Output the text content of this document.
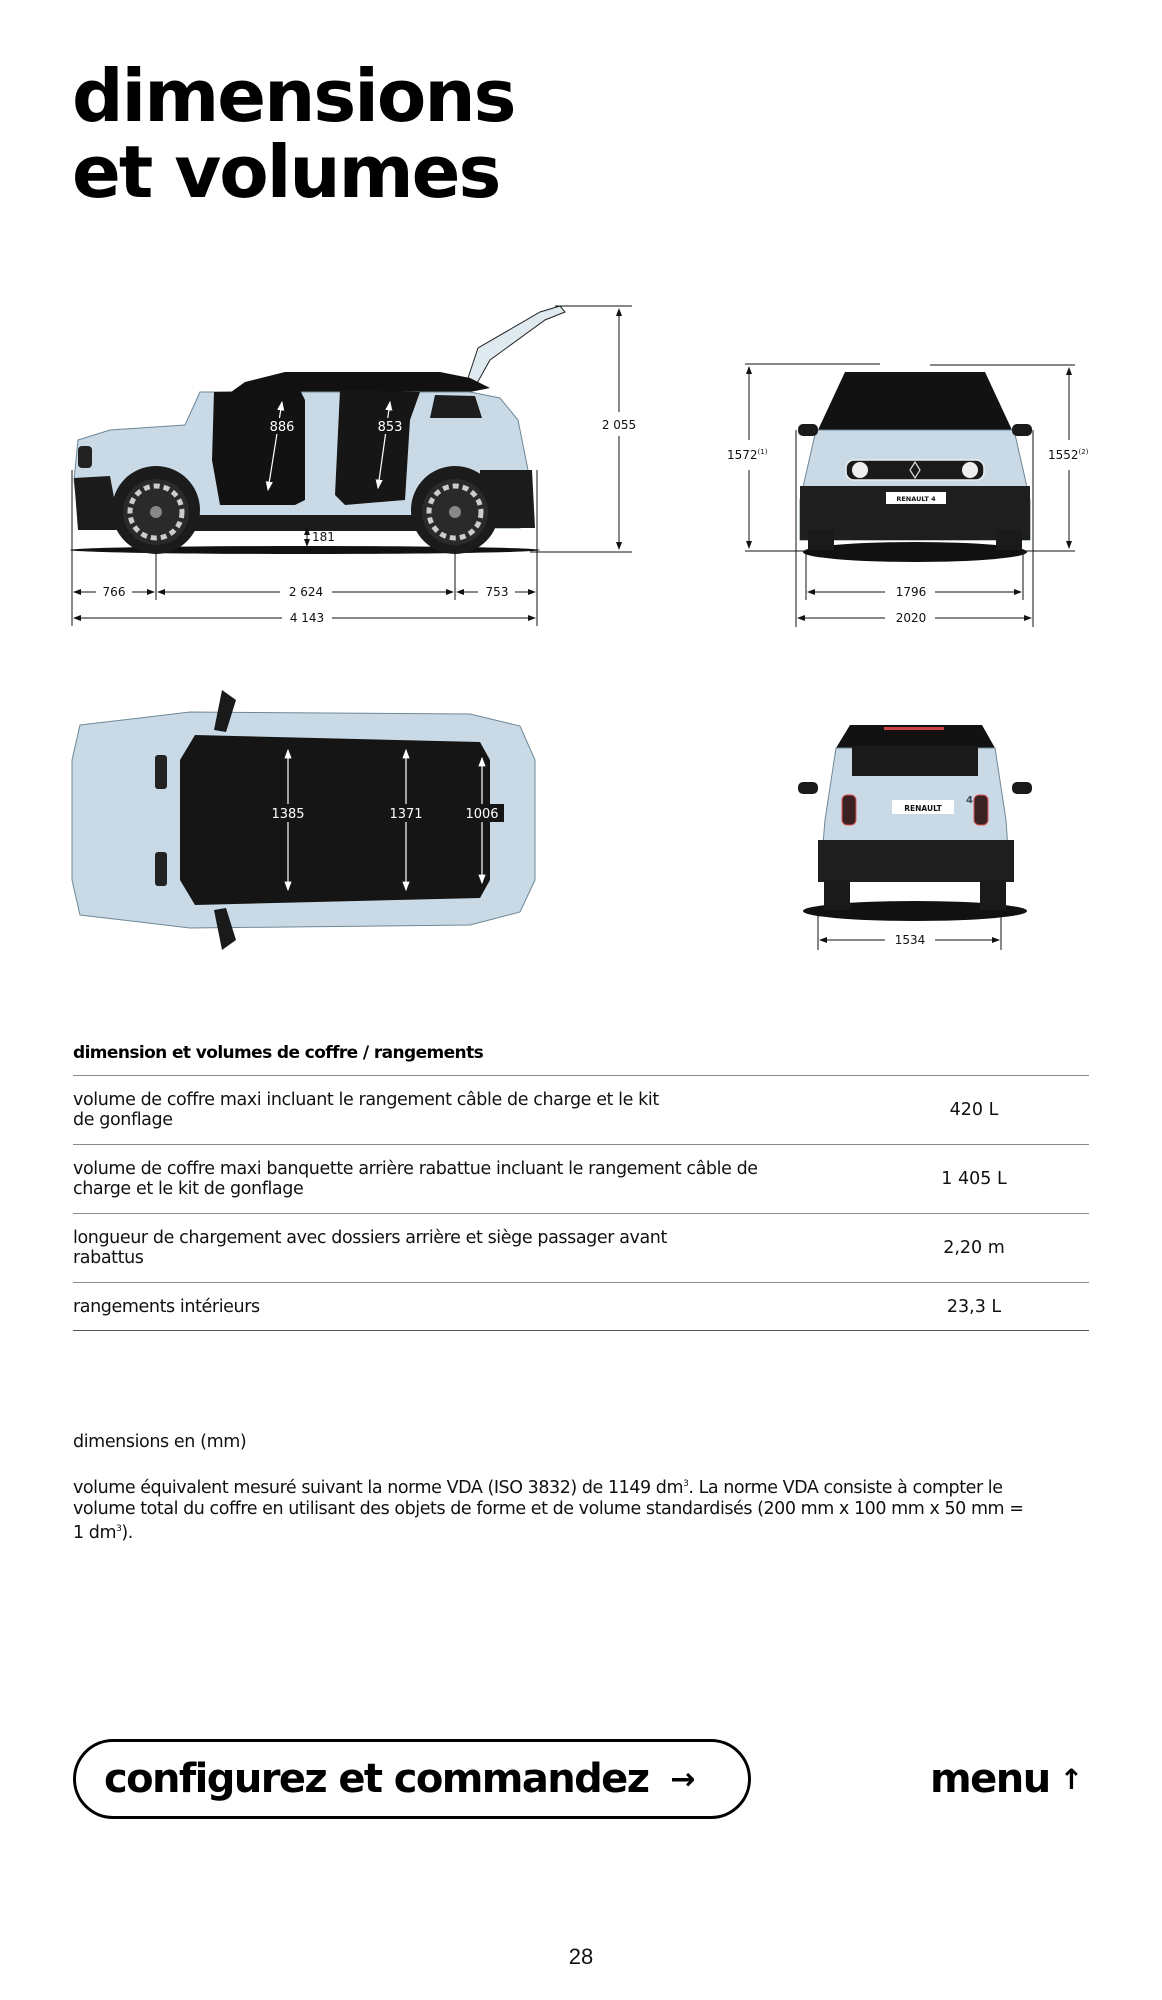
dimensions
et volumes
886	853
181
2 055
766	2 624	753
4 143
RENAULT 4
1572$^{(1)}$	1552$^{(2)}$
1796
2020
1385	1371	1006	RENAULT
4
1534
dimension et volumes de coffre / rangements
volume de coffre maxi incluant le rangement câble de charge et le kit de gonflage	420 L
volume de coffre maxi banquette arrière rabattue incluant le rangement câble de charge et le kit de gonflage	1 405 L
longueur de chargement avec dossiers arrière et siège passager avant rabattus	2,20 m
rangements intérieurs	23,3 L
dimensions en (mm)
volume équivalent mesuré suivant la norme VDA (ISO 3832) de 1149 $dm^3$. La norme VDA consiste à compter le volume total du coffre en utilisant des objets de forme et de volume standardisés (200 mm x 100 mm x 50 mm = 1 $dm^3$).
configurez et commandez →	menu ↑
28
